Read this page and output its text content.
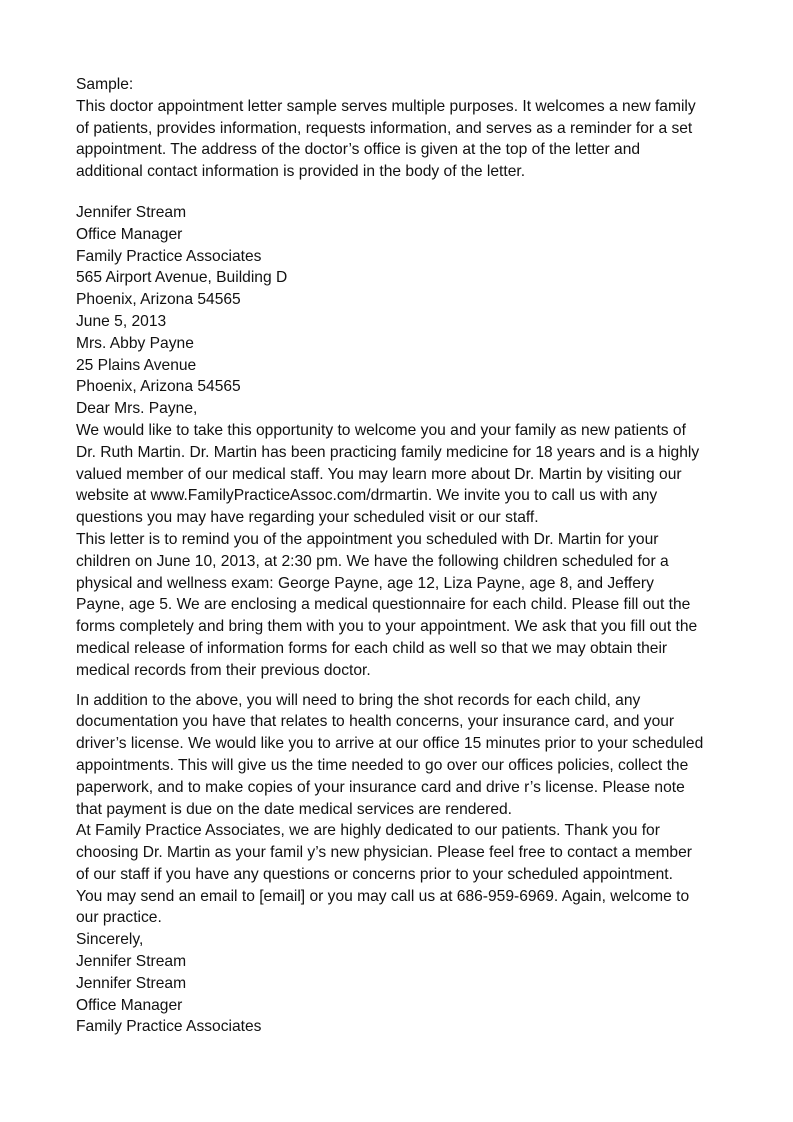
Sample:

This doctor appointment letter sample serves multiple purposes. It welcomes a new family
of patients, provides information, requests information, and serves as a reminder for a set
appointment. The address of the doctor’s office is given at the top of the letter and
additional contact information is provided in the body of the letter.

Jennifer Stream
Office Manager
Family Practice Associates
565 Airport Avenue, Building D
Phoenix, Arizona 54565
June 5, 2013
Mrs. Abby Payne
25 Plains Avenue
Phoenix, Arizona 54565
Dear Mrs. Payne,

We would like to take this opportunity to welcome you and your family as new patients of
Dr. Ruth Martin. Dr. Martin has been practicing family medicine for 18 years and is a highly
valued member of our medical staff. You may learn more about Dr. Martin by visiting our
website at www.FamilyPracticeAssoc.com/drmartin. We invite you to call us with any
questions you may have regarding your scheduled visit or our staff.

This letter is to remind you of the appointment you scheduled with Dr. Martin for your
children on June 10, 2013, at 2:30 pm. We have the following children scheduled for a
physical and wellness exam: George Payne, age 12, Liza Payne, age 8, and Jeffery
Payne, age 5. We are enclosing a medical questionnaire for each child. Please fill out the
forms completely and bring them with you to your appointment. We ask that you fill out the
medical release of information forms for each child as well so that we may obtain their
medical records from their previous doctor.

In addition to the above, you will need to bring the shot records for each child, any
documentation you have that relates to health concerns, your insurance card, and your
driver’s license. We would like you to arrive at our office 15 minutes prior to your scheduled
appointments. This will give us the time needed to go over our offices policies, collect the
paperwork, and to make copies of your insurance card and drive r’s license. Please note
that payment is due on the date medical services are rendered.

At Family Practice Associates, we are highly dedicated to our patients. Thank you for
choosing Dr. Martin as your famil y’s new physician. Please feel free to contact a member
of our staff if you have any questions or concerns prior to your scheduled appointment.
You may send an email to [email] or you may call us at 686-959-6969. Again, welcome to
our practice.

Sincerely,
Jennifer Stream
Jennifer Stream
Office Manager
Family Practice Associates
